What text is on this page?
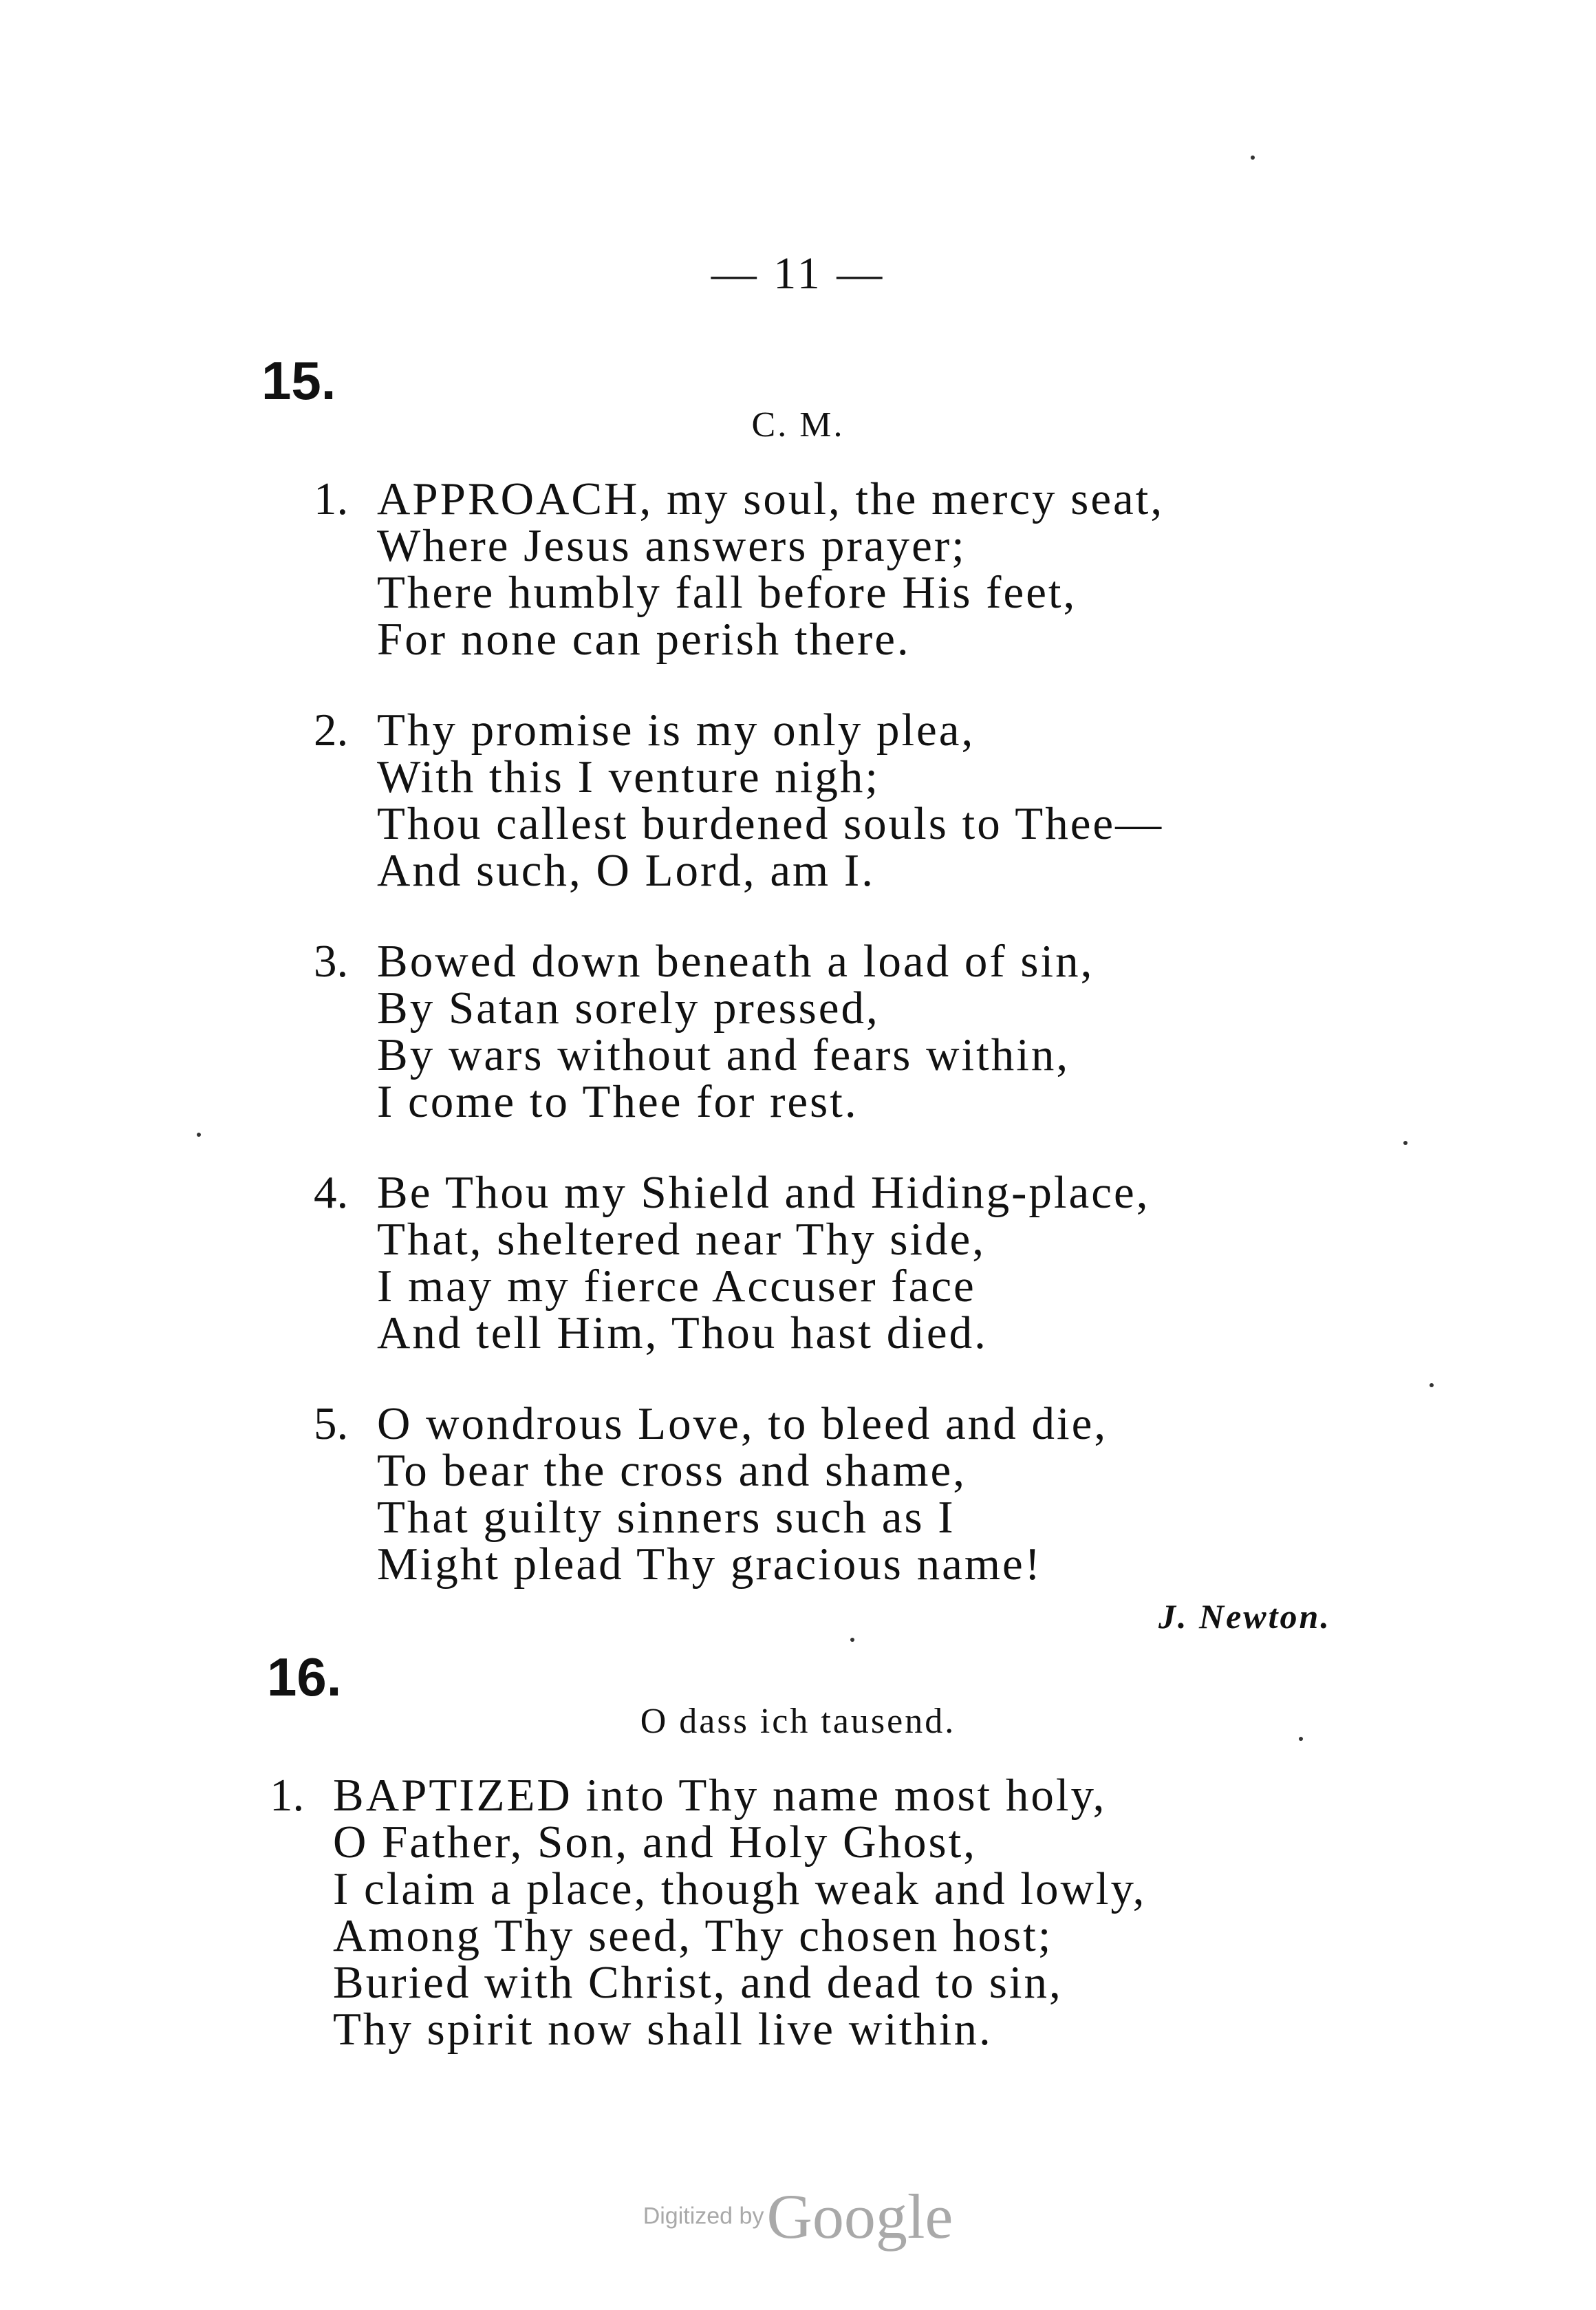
— 11 —
15.
C. M.
1. APPROACH, my soul, the mercy seat,
Where Jesus answers prayer;
There humbly fall before His feet,
For none can perish there.
2. Thy promise is my only plea,
With this I venture nigh;
Thou callest burdened souls to Thee—
And such, O Lord, am I.
3. Bowed down beneath a load of sin,
By Satan sorely pressed,
By wars without and fears within,
I come to Thee for rest.
4. Be Thou my Shield and Hiding-place,
That, sheltered near Thy side,
I may my fierce Accuser face
And tell Him, Thou hast died.
5. O wondrous Love, to bleed and die,
To bear the cross and shame,
That guilty sinners such as I
Might plead Thy gracious name!
J. Newton.
16.
O dass ich tausend.
1. BAPTIZED into Thy name most holy,
O Father, Son, and Holy Ghost,
I claim a place, though weak and lowly,
Among Thy seed, Thy chosen host;
Buried with Christ, and dead to sin,
Thy spirit now shall live within.
Digitized by Google
